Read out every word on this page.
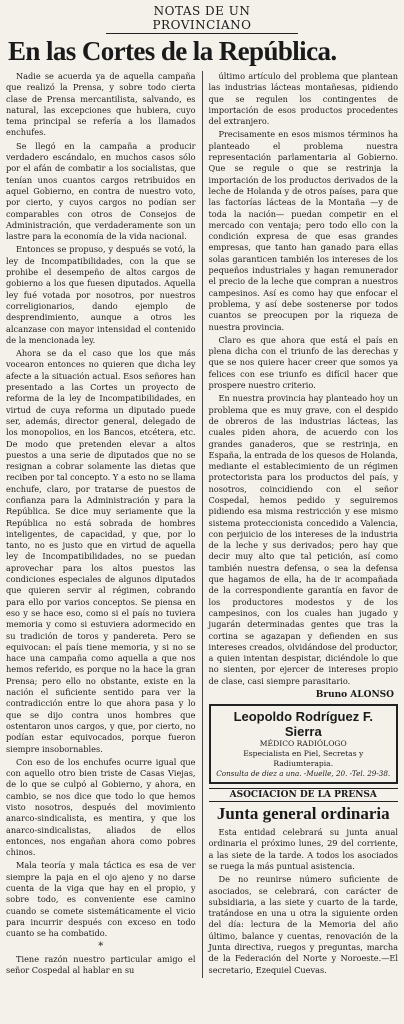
NOTAS DE UN PROVINCIANO
En las Cortes de la República.

Nadie se acuerda ya de aquella campaña que realizó la Prensa, y sobre todo cierta clase de Prensa mercantilista, salvando, es natural, las excepciones que hubiera, cuyo tema principal se refería a los llamados enchufes.

Se llegó en la campaña a producir verdadero escándalo, en muchos casos sólo por el afán de combatir a los socialistas, que tenían unos cuantos cargos retribuidos en aquel Gobierno, en contra de nuestro voto, por cierto, y cuyos cargos no podían ser comparables con otros de Consejos de Administración, que verdaderamente son un lastre para la economía de la vida nacional.

Entonces se propuso, y después se votó, la ley de Incompatibilidades, con la que se prohibe el desempeño de altos cargos de gobierno a los que fuesen diputados. Aquella ley fué votada por nosotros, por nuestros correligionarios, dando ejemplo de desprendimiento, aunque a otros les alcanzase con mayor intensidad el contenido de la mencionada ley.

Ahora se da el caso que los que más vocearon entonces no quieren que dicha ley afecte a la situación actual. Esos señores han presentado a las Cortes un proyecto de reforma de la ley de Incompatibilidades, en virtud de cuya reforma un diputado puede ser, además, director general, delegado de los monopolios, en los Bancos, etcétera, etc. De modo que pretenden elevar a altos puestos a una serie de diputados que no se resignan a cobrar solamente las dietas que reciben por tal concepto. Y a esto no se llama enchufe, claro, por tratarse de puestos de confianza para la Administración y para la República. Se dice muy seriamente que la República no está sobrada de hombres inteligentes, de capacidad, y que, por lo tanto, no es justo que en virtud de aquella ley de Incompatibilidades, no se puedan aprovechar para los altos puestos las condiciones especiales de algunos diputados que quieren servir al régimen, cobrando para ello por varios conceptos. Se piensa en eso y se hace eso, como si el país no tuviera memoria y como si estuviera adormecido en su tradición de toros y pandereta. Pero se equivocan: el país tiene memoria, y si no se hace una campaña como aquella a que nos hemos referido, es porque no la hace la gran Prensa; pero ello no obstante, existe en la nación el suficiente sentido para ver la contradicción entre lo que ahora pasa y lo que se dijo contra unos hombres que ostentaron unos cargos, y que, por cierto, no podían estar equivocados, porque fueron siempre insobornables.

Con eso de los enchufes ocurre igual que con aquello otro bien triste de Casas Viejas, de lo que se culpó al Gobierno, y ahora, en cambio, se nos dice que todo lo que hemos visto nosotros, después del movimiento anarco-sindicalista, es mentira, y que los anarco-sindicalistas, aliados de ellos entonces, nos engañan ahora como pobres chinos.

Mala teoría y mala táctica es esa de ver siempre la paja en el ojo ajeno y no darse cuenta de la viga que hay en el propio, y sobre todo, es conveniente ese camino cuando se comete sistemáticamente el vicio para incurrir después con exceso en todo cuanto se ha combatido.

*

Tiene razón nuestro particular amigo el señor Cospedal al hablar en su

último artículo del problema que plantean las industrias lácteas montañesas, pidiendo que se regulen los contingentes de importación de esos productos procedentes del extranjero.

Precisamente en esos mismos términos ha planteado el problema nuestra representación parlamentaria al Gobierno. Que se regule o que se restrinja la importación de los productos derivados de la leche de Holanda y de otros países, para que las factorías lácteas de la Montaña —y de toda la nación— puedan competir en el mercado con ventaja; pero todo ello con la condición expresa de que esas grandes empresas, que tanto han ganado para ellas solas garanticen también los intereses de los pequeños industriales y hagan remunerador el precio de la leche que compran a nuestros campesinos. Así es como hay que enfocar el problema, y así debe sostenerse por todos cuantos se preocupen por la riqueza de nuestra provincia.

Claro es que ahora que está el país en plena dicha con el triunfo de las derechas y que se nos quiere hacer creer que somos ya felices con ese triunfo es difícil hacer que prospere nuestro criterio.

En nuestra provincia hay planteado hoy un problema que es muy grave, con el despido de obreros de las industrias lácteas, las cuales piden ahora, de acuerdo con los grandes ganaderos, que se restrinja, en España, la entrada de los quesos de Holanda, mediante el establecimiento de un régimen protectorista para los productos del país, y nosotros, coincidiendo con el señor Cospedal, hemos pedido y seguiremos pidiendo esa misma restricción y ese mismo sistema proteccionista concedido a Valencia, con perjuicio de los intereses de la industria de la leche y sus derivados; pero hay que decir muy alto que tal petición, así como también nuestra defensa, o sea la defensa que hagamos de ella, ha de ir acompañada de la correspondiente garantía en favor de los productores modestos y de los campesinos, con los cuales han jugado y jugarán determinadas gentes que tras la cortina se agazapan y defienden en sus intereses creados, olvidándose del productor, a quien intentan despistar, diciéndole lo que no sienten, por ejercer de intereses propio de clase, casi siempre parasitario.

Bruno ALONSO
Leopoldo Rodríguez F. Sierra
MÉDICO RADIÓLOGO
Especialista en Piel, Secretas y Radiumterapia.
Consulta de diez a una. -Muelle, 20. -Tel. 29-38.
ASOCIACION DE LA PRENSA
Junta general ordinaria

Esta entidad celebrará su junta anual ordinaria el próximo lunes, 29 del corriente, a las siete de la tarde. A todos los asociados se ruega la más puntual asistencia.

De no reunirse número suficiente de asociados, se celebrará, con carácter de subsidiaria, a las siete y cuarto de la tarde, tratándose en una u otra la siguiente orden del día: lectura de la Memoria del año último, balance y cuentas, renovación de la Junta directiva, ruegos y preguntas, marcha de la Federación del Norte y Noroeste.—El secretario, Ezequiel Cuevas.
